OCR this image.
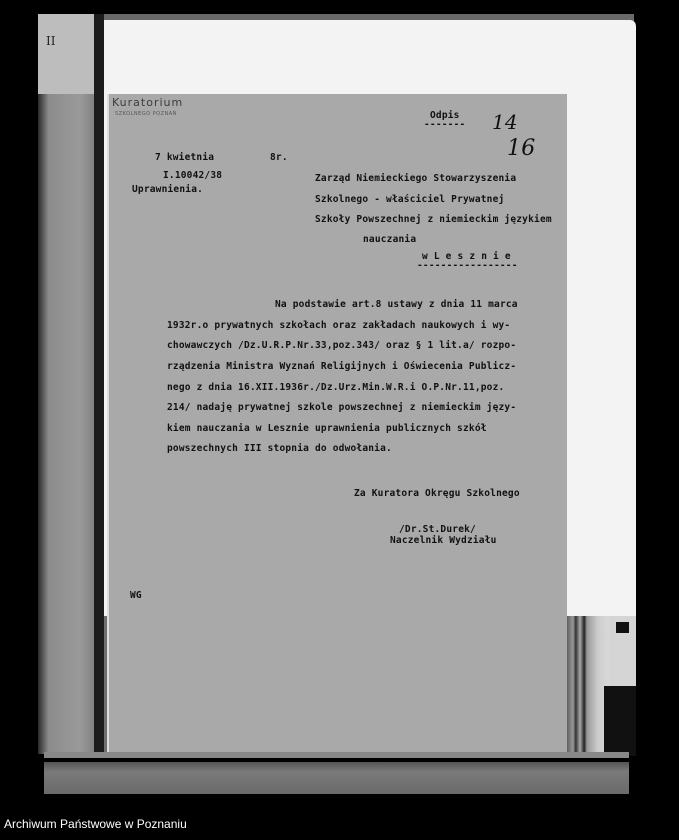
II
Kuratorium
SZKOLNEGO POZNAŃ	Odpis
------- 14
16
7 kwietnia	8r.
I.10042/38
Uprawnienia.
Zarząd Niemieckiego Stowarzyszenia
Szkolnego - właściciel Prywatnej
Szkoły Powszechnej z niemieckim językiem
nauczania
w L e s z n i e
-----------------
Na podstawie art.8 ustawy z dnia 11 marca
1932r.o prywatnych szkołach oraz zakładach naukowych i wy-
chowawczych /Dz.U.R.P.Nr.33,poz.343/ oraz § 1 lit.a/ rozpo-
rządzenia Ministra Wyznań Religijnych i Oświecenia Publicz-
nego z dnia 16.XII.1936r./Dz.Urz.Min.W.R.i O.P.Nr.11,poz.
214/ nadaję prywatnej szkole powszechnej z niemieckim języ-
kiem nauczania w Lesznie uprawnienia publicznych szkół
powszechnych III stopnia do odwołania.
Za Kuratora Okręgu Szkolnego
/Dr.St.Durek/
Naczelnik Wydziału
WG
Archiwum Państwowe w Poznaniu
